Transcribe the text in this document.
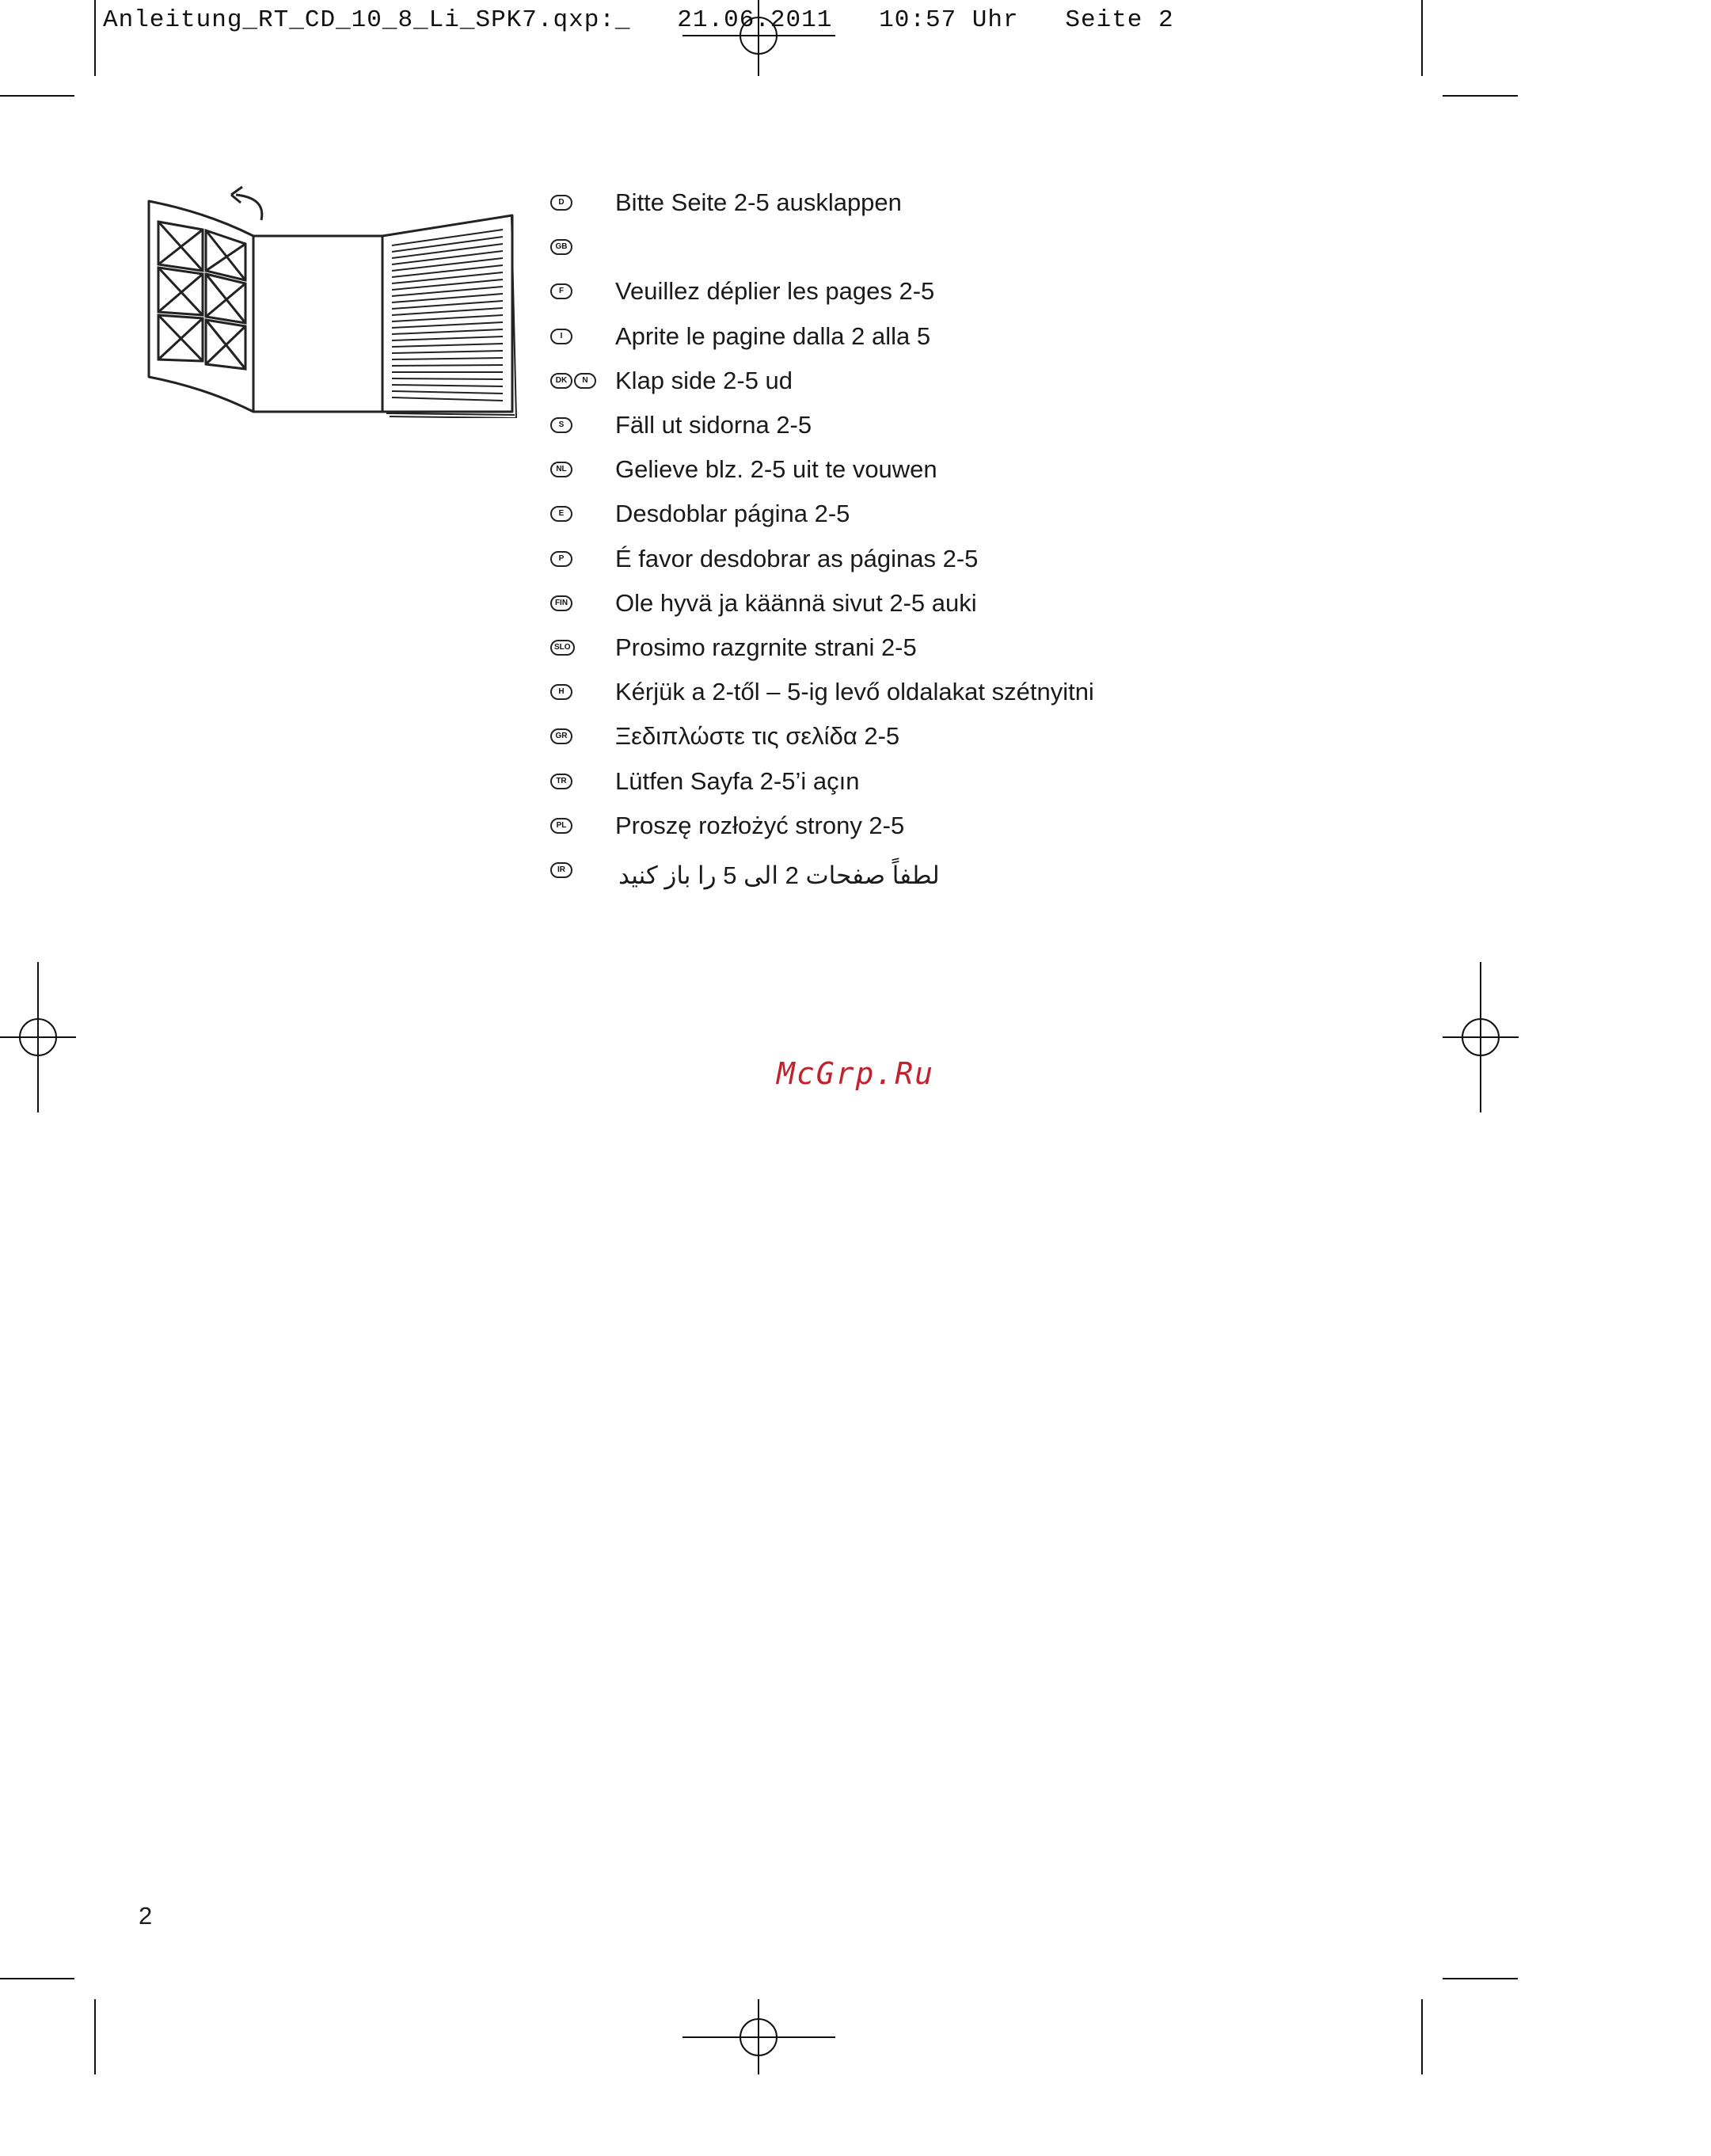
Anleitung_RT_CD_10_8_Li_SPK7.qxp:_   21.06.2011   10:57 Uhr   Seite 2
D	Bitte Seite 2-5 ausklappen
GB
F	Veuillez déplier les pages 2-5
I	Aprite le pagine dalla 2 alla 5
DK	N	Klap side 2-5 ud
S	Fäll ut sidorna 2-5
NL Gelieve blz. 2-5 uit te vouwen
E	Desdoblar página 2-5
P	É favor desdobrar as páginas 2-5
FIN Ole hyvä ja käännä sivut 2-5 auki
SLO Prosimo razgrnite strani 2-5
H	Kérjük a 2-től – 5-ig levő oldalakat szétnyitni
GR Ξεδιπλώστε τις σελίδα 2-5
TR Lütfen Sayfa 2-5’i açın
PL Proszę rozłożyć strony 2-5
IR لطفاً صفحات 2 الی 5 را باز کنید
McGrp.Ru
2
